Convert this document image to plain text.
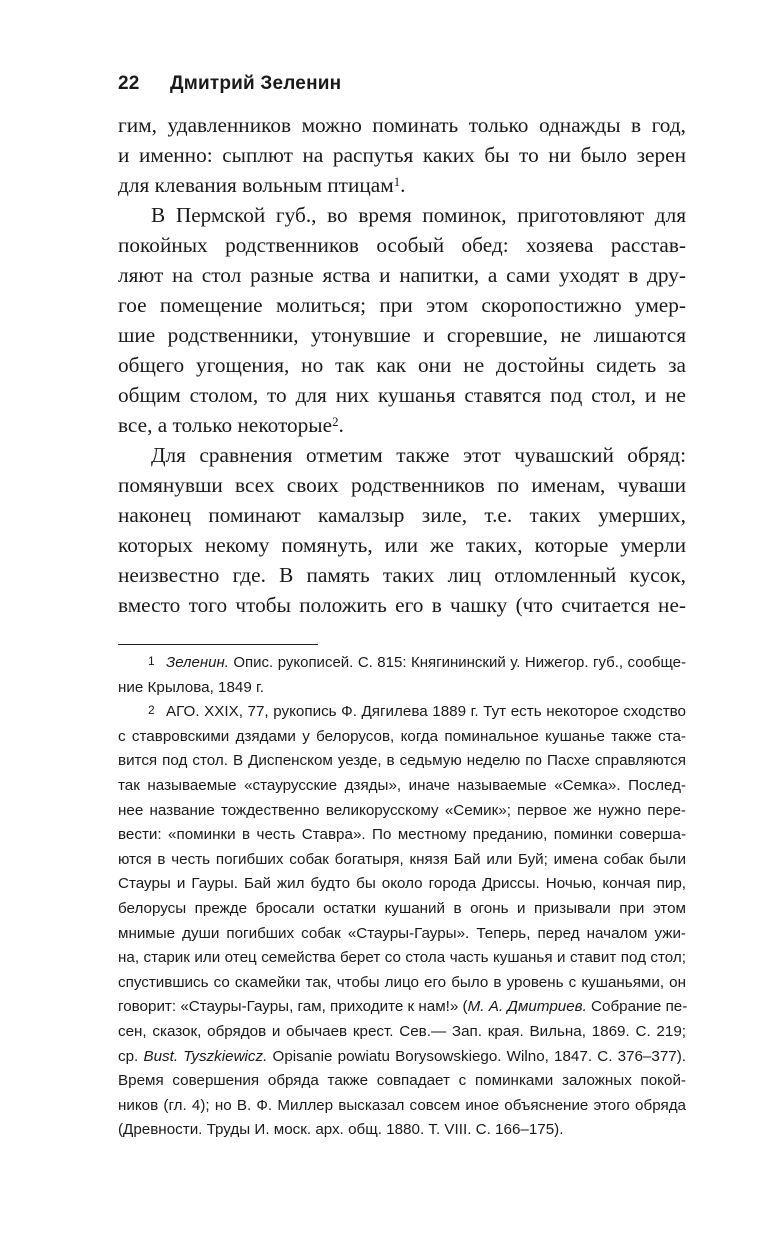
22 Дмитрий Зеленин
гим, удавленников можно поминать только однажды в год,
и именно: сыплют на распутья каких бы то ни было зерен
для клевания вольным птицам$^1$.
В Пермской губ., во время поминок, приготовляют для
покойных родственников особый обед: хозяева расстав-
ляют на стол разные яства и напитки, а сами уходят в дру-
гое помещение молиться; при этом скоропостижно умер-
шие родственники, утонувшие и сгоревшие, не лишаются
общего угощения, но так как они не достойны сидеть за
общим столом, то для них кушанья ставятся под стол, и не
все, а только некоторые$^2$.
Для сравнения отметим также этот чувашский обряд:
помянувши всех своих родственников по именам, чуваши
наконец поминают камалзыр зиле, т.е. таких умерших,
которых некому помянуть, или же таких, которые умерли
неизвестно где. В память таких лиц отломленный кусок,
вместо того чтобы положить его в чашку (что считается не-
1 Зеленин. Опис. рукописей. С. 815: Княгининский у. Нижегор. губ., сообще-
ние Крылова, 1849 г.
2 АГО. XXIX, 77, рукопись Ф. Дягилева 1889 г. Тут есть некоторое сходство
с ставровскими дзядами у белорусов, когда поминальное кушанье также ста-
вится под стол. В Диспенском уезде, в седьмую неделю по Пасхе справляются
так называемые «стаурусские дзяды», иначе называемые «Семка». Послед-
нее название тождественно великорусскому «Семик»; первое же нужно пере-
вести: «поминки в честь Ставра». По местному преданию, поминки соверша-
ются в честь погибших собак богатыря, князя Бай или Буй; имена собак были
Стауры и Гауры. Бай жил будто бы около города Дриссы. Ночью, кончая пир,
белорусы прежде бросали остатки кушаний в огонь и призывали при этом
мнимые души погибших собак «Стауры-Гауры». Теперь, перед началом ужи-
на, старик или отец семейства берет со стола часть кушанья и ставит под стол;
спустившись со скамейки так, чтобы лицо его было в уровень с кушаньями, он
говорит: «Стауры-Гауры, гам, приходите к нам!» (М. А. Дмитриев. Собрание пе-
сен, сказок, обрядов и обычаев крест. Сев.— Зап. края. Вильна, 1869. С. 219;
ср. Bust. Tyszkiewicz. Opisanie powiatu Borysowskiego. Wilno, 1847. С. 376–377).
Время совершения обряда также совпадает с поминками заложных покой-
ников (гл. 4); но В. Ф. Миллер высказал совсем иное объяснение этого обряда
(Древности. Труды И. моск. арх. общ. 1880. Т. VIII. С. 166–175).
